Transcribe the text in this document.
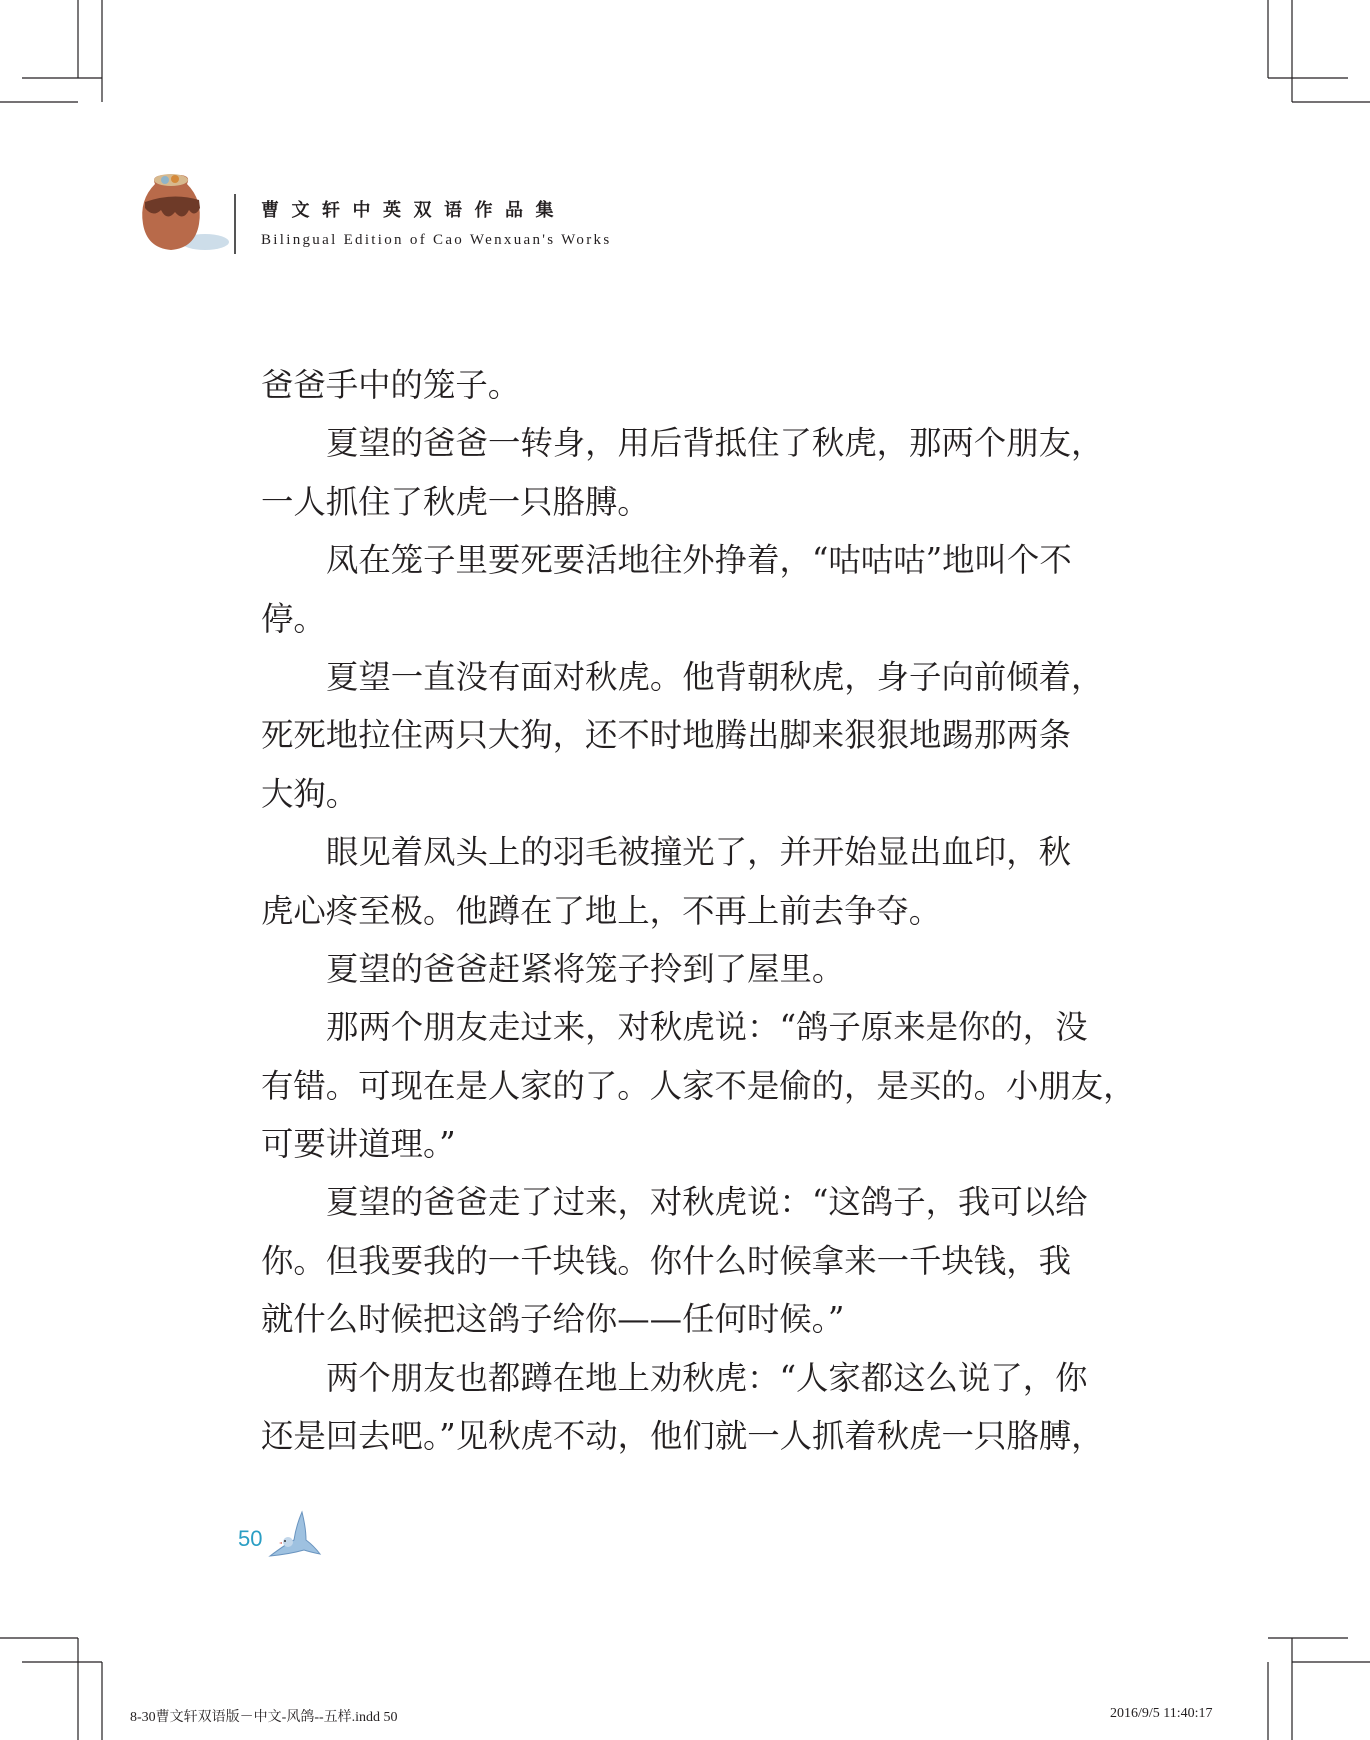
曹文轩中英双语作品集
Bilingual Edition of Cao Wenxuan's Works
爸爸手中的笼子。
夏望的爸爸一转身，用后背抵住了秋虎，那两个朋友，
一人抓住了秋虎一只胳膊。
凤在笼子里要死要活地往外挣着，“咕咕咕”地叫个不
停。
夏望一直没有面对秋虎。他背朝秋虎，身子向前倾着，
死死地拉住两只大狗，还不时地腾出脚来狠狠地踢那两条
大狗。
眼见着凤头上的羽毛被撞光了，并开始显出血印，秋
虎心疼至极。他蹲在了地上，不再上前去争夺。
夏望的爸爸赶紧将笼子拎到了屋里。
那两个朋友走过来，对秋虎说：“鸽子原来是你的，没
有错。可现在是人家的了。人家不是偷的，是买的。小朋友，
可要讲道理。”
夏望的爸爸走了过来，对秋虎说：“这鸽子，我可以给
你。但我要我的一千块钱。你什么时候拿来一千块钱，我
就什么时候把这鸽子给你——任何时候。”
两个朋友也都蹲在地上劝秋虎：“人家都这么说了，你
还是回去吧。”见秋虎不动，他们就一人抓着秋虎一只胳膊，
50
8-30曹文轩双语版－中文-风鸽--五样.indd 50	2016/9/5 11:40:17
